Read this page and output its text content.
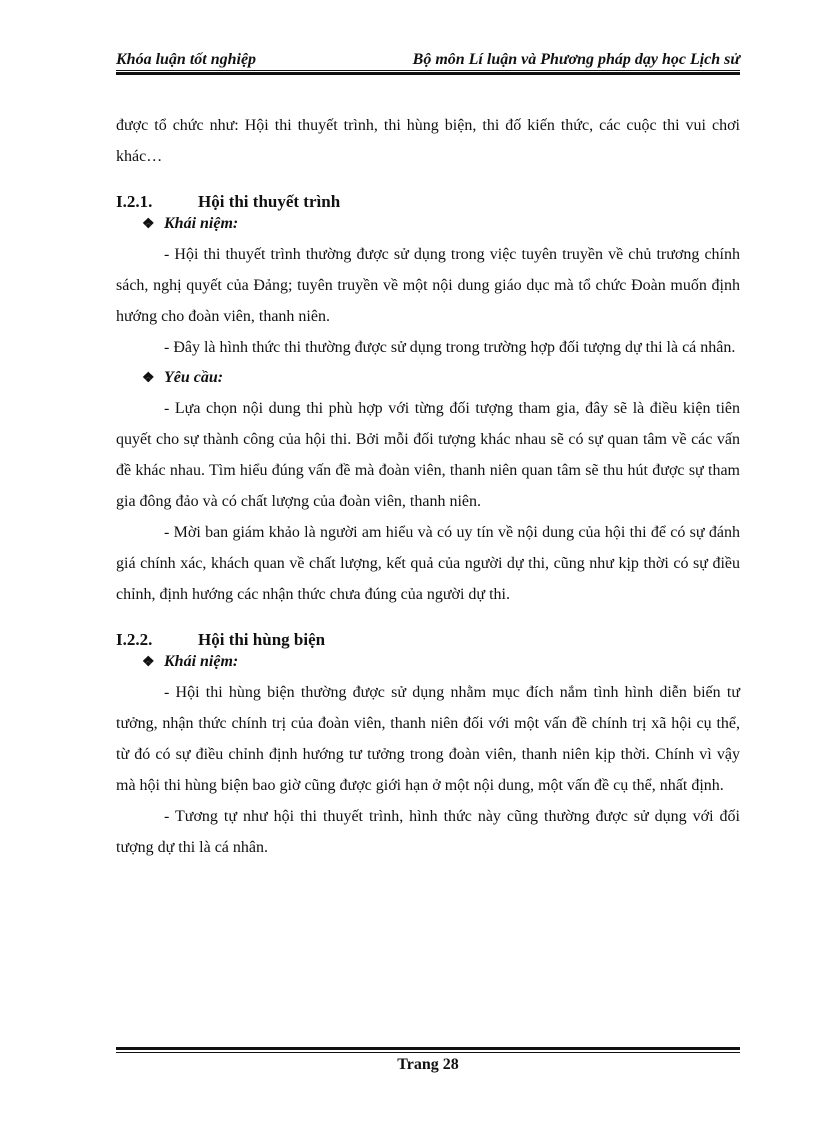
Khóa luận tốt nghiệp	Bộ môn Lí luận và Phương pháp dạy học Lịch sử

được tổ chức như: Hội thi thuyết trình, thi hùng biện, thi đố kiến thức, các cuộc thi vui chơi khác…

I.2.1.	Hội thi thuyết trình
❖ Khái niệm:

- Hội thi thuyết trình thường được sử dụng trong việc tuyên truyền về chủ trương chính sách, nghị quyết của Đảng; tuyên truyền về một nội dung giáo dục mà tổ chức Đoàn muốn định hướng cho đoàn viên, thanh niên.

- Đây là hình thức thi thường được sử dụng trong trường hợp đối tượng dự thi là cá nhân.

❖ Yêu cầu:

- Lựa chọn nội dung thi phù hợp với từng đối tượng tham gia, đây sẽ là điều kiện tiên quyết cho sự thành công của hội thi. Bởi mỗi đối tượng khác nhau sẽ có sự quan tâm về các vấn đề khác nhau. Tìm hiểu đúng vấn đề mà đoàn viên, thanh niên quan tâm sẽ thu hút được sự tham gia đông đảo và có chất lượng của đoàn viên, thanh niên.

- Mời ban giám khảo là người am hiểu và có uy tín về nội dung của hội thi để có sự đánh giá chính xác, khách quan về chất lượng, kết quả của người dự thi, cũng như kịp thời có sự điều chỉnh, định hướng các nhận thức chưa đúng của người dự thi.

I.2.2.	Hội thi hùng biện
❖ Khái niệm:

- Hội thi hùng biện thường được sử dụng nhằm mục đích nắm tình hình diễn biến tư tưởng, nhận thức chính trị của đoàn viên, thanh niên đối với một vấn đề chính trị xã hội cụ thể, từ đó có sự điều chỉnh định hướng tư tưởng trong đoàn viên, thanh niên kịp thời. Chính vì vậy mà hội thi hùng biện bao giờ cũng được giới hạn ở một nội dung, một vấn đề cụ thể, nhất định.

- Tương tự như hội thi thuyết trình, hình thức này cũng thường được sử dụng với đối tượng dự thi là cá nhân.

Trang 28
